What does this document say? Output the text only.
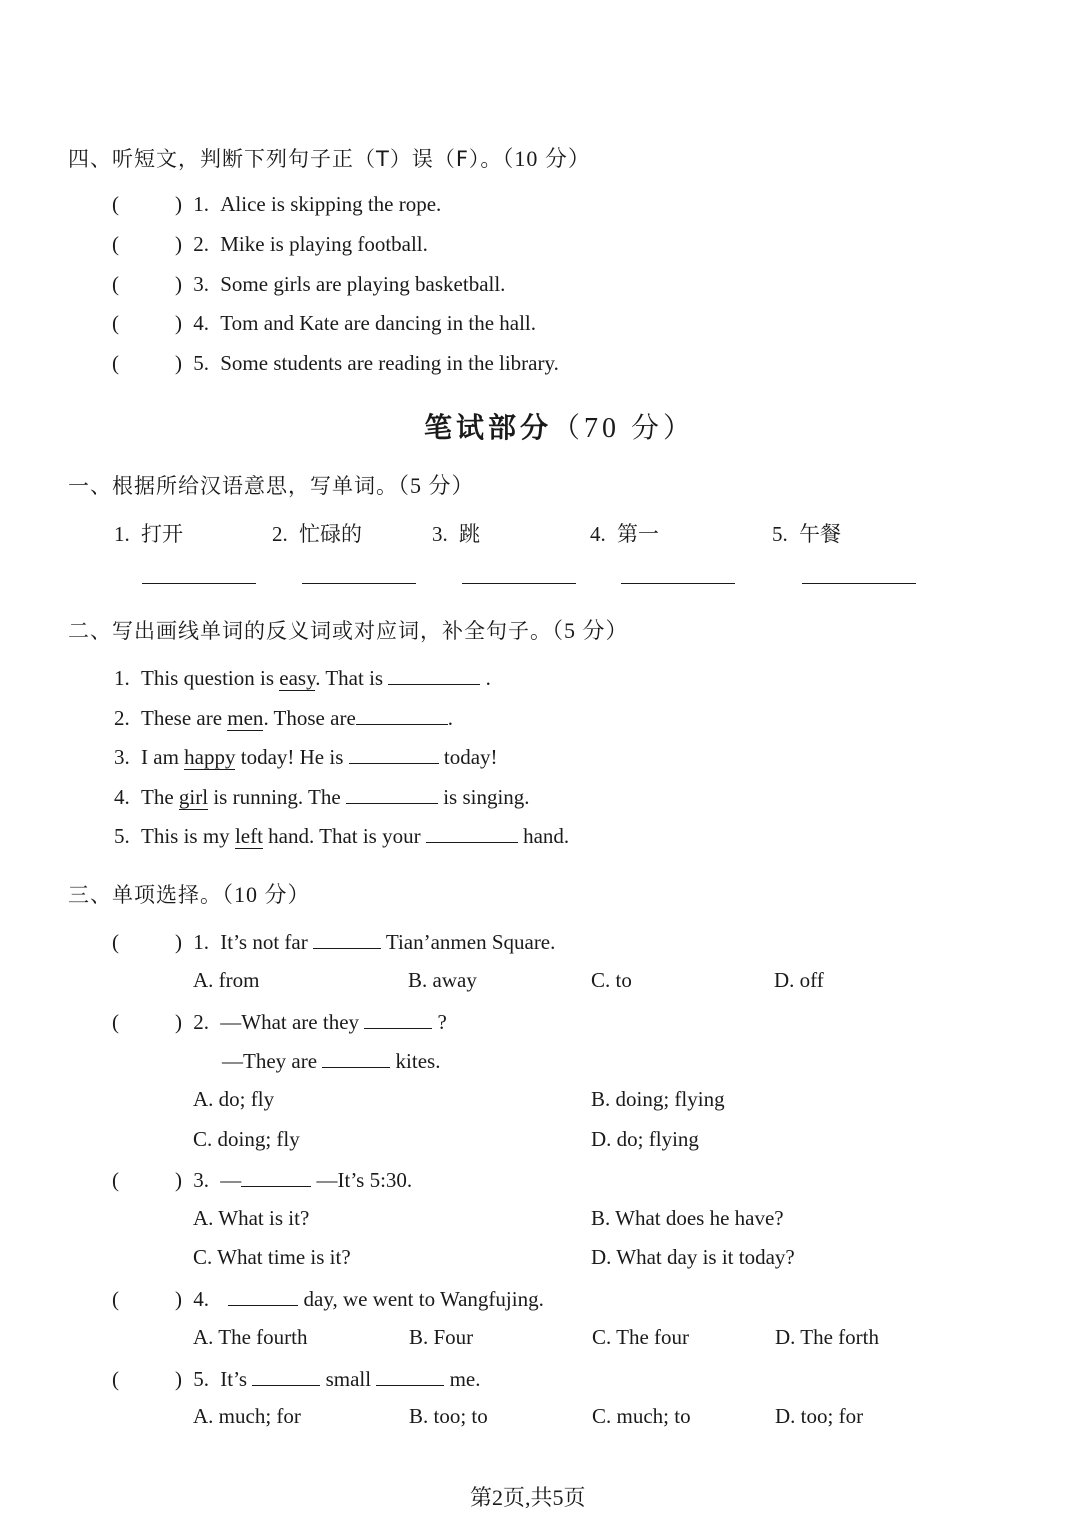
四、听短文，判断下列句子正（T）误（F）。（10 分）
(	) 1. Alice is skipping the rope.
(	) 2. Mike is playing football.
(	) 3. Some girls are playing basketball.
(	) 4. Tom and Kate are dancing in the hall.
(	) 5. Some students are reading in the library.
笔试部分（70 分）
一、根据所给汉语意思，写单词。（5 分）
1. 打开	2. 忙碌的	3. 跳	4. 第一	5. 午餐
二、写出画线单词的反义词或对应词，补全句子。（5 分）
1. This question is easy. That is	.
2. These are men. Those are	.
3. I am happy today! He is	today!
4. The girl is running. The	is singing.
5. This is my left hand. That is your	hand.
三、单项选择。（10 分）
(	) 1. It’s not far	Tian’anmen Square.
A. from	B. away	C. to	D. off
(	) 2. —What are they	?
—They are	kites.
A. do; fly	B. doing; flying
C. doing; fly	D. do; flying
(	) 3. —	—It’s 5:30.
A. What is it?	B. What does he have?
C. What time is it?	D. What day is it today?
(	) 4.	day, we went to Wangfujing.
A. The fourth	B. Four	C. The four	D. The forth
(	) 5. It’s	small	me.
A. much; for	B. too; to	C. much; to	D. too; for
第2页,共5页
